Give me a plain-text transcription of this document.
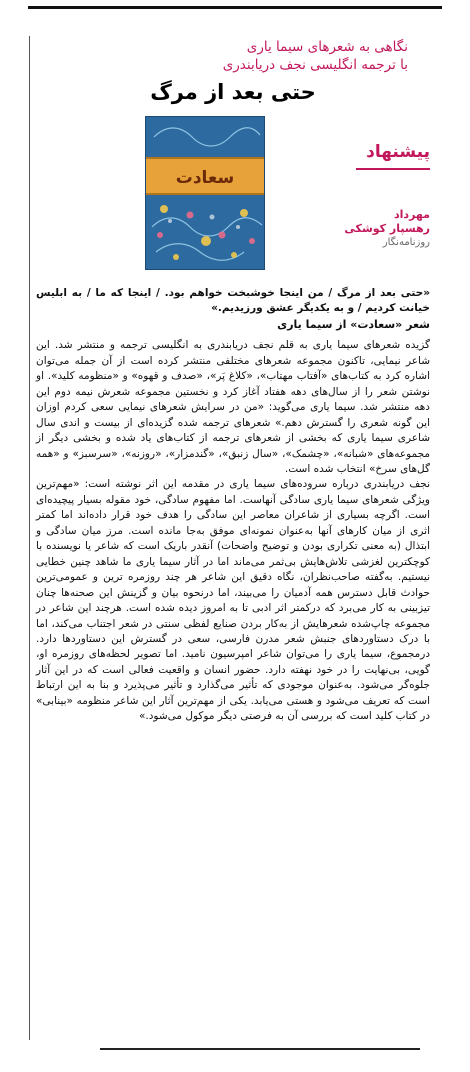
نگاهی به شعرهای سیما یاری
با ترجمه انگلیسی نجف دریابندری
حتی بعد از مرگ
پیشنهاد
مهرداد
رهسپار کوشکی
روزنامه‌نگار
سعادت

«حتی بعد از مرگ / من اینجا خوشبخت خواهم بود. / اینجا که ما / به ابلیس خیانت کردیم / و به یکدیگر عشق ورزیدیم.»

شعر «سعادت» از سیما یاری

گزیده شعرهای سیما یاری به قلم نجف دریابندری به انگلیسی ترجمه و منتشر شد. این شاعر نیمایی، تاکنون مجموعه شعرهای مختلفی منتشر کرده است از آن جمله می‌توان اشاره کرد به کتاب‌های «آفتاب مهتاب»، «کلاغ پَر»، «صدف و قهوه» و «منظومه کلید». او نوشتن شعر را از سال‌های دهه هفتاد آغاز کرد و نخستین مجموعه شعرش نیمه دوم این دهه منتشر شد. سیما یاری می‌گوید: «من در سرایش شعرهای نیمایی سعی کردم اوزان این گونه شعری را گسترش دهم.» شعرهای ترجمه شده گزیده‌ای از بیست و اندی سال شاعری سیما یاری که بخشی از شعرهای ترجمه از کتاب‌های یاد شده و بخشی دیگر از مجموعه‌های «شبانه»، «چشمک»، «سال زنبق»، «گندمزار»، «روزنه»، «سرسبز» و «همه گل‌های سرخ» انتخاب شده است.

نجف دریابندری درباره سروده‌های سیما یاری در مقدمه این اثر نوشته است: «مهم‌ترین ویژگی شعرهای سیما یاری سادگی آنهاست. اما مفهوم سادگی، خود مقوله بسیار پیچیده‌ای است. اگرچه بسیاری از شاعران معاصر این سادگی را هدف خود قرار داده‌اند اما کمتر اثری از میان کارهای آنها به‌عنوان نمونه‌ای موفق به‌جا مانده است. مرز میان سادگی و ابتذال (به معنی تکراری بودن و توضیح واضحات) آنقدر باریک است که شاعر یا نویسنده با کوچکترین لغزشی تلاش‌هایش بی‌ثمر می‌ماند اما در آثار سیما یاری ما شاهد چنین خطایی نیستیم. به‌گفته صاحب‌نظران، نگاه دقیق این شاعر هر چند روزمره ترین و عمومی‌ترین حوادث قابل دسترس همه آدمیان را می‌بیند، اما درنحوه بیان و گزینش این صحنه‌ها چنان تیزبینی به کار می‌برد که درکمتر اثر ادبی تا به امروز دیده شده است. هرچند این شاعر در مجموعه چاپ‌شده شعرهایش از به‌کار بردن صنایع لفظی سنتی در شعر اجتناب می‌کند، اما با درک دستاوردهای جنبش شعر مدرن فارسی، سعی در گسترش این دستاوردها دارد. درمجموع، سیما یاری را می‌توان شاعر امپرسیون نامید. اما تصویر لحظه‌های روزمره او، گویی، بی‌نهایت را در خود نهفته دارد. حضور انسان و واقعیت فعالی است که در این آثار جلوه‌گر می‌شود. به‌عنوان موجودی که تأثیر می‌گذارد و تأثیر می‌پذیرد و بنا به این ارتباط است که تعریف می‌شود و هستی می‌یابد. یکی از مهم‌ترین آثار این شاعر منظومه «بینابی» در کتاب کلید است که بررسی آن به فرصتی دیگر موکول می‌شود.»
